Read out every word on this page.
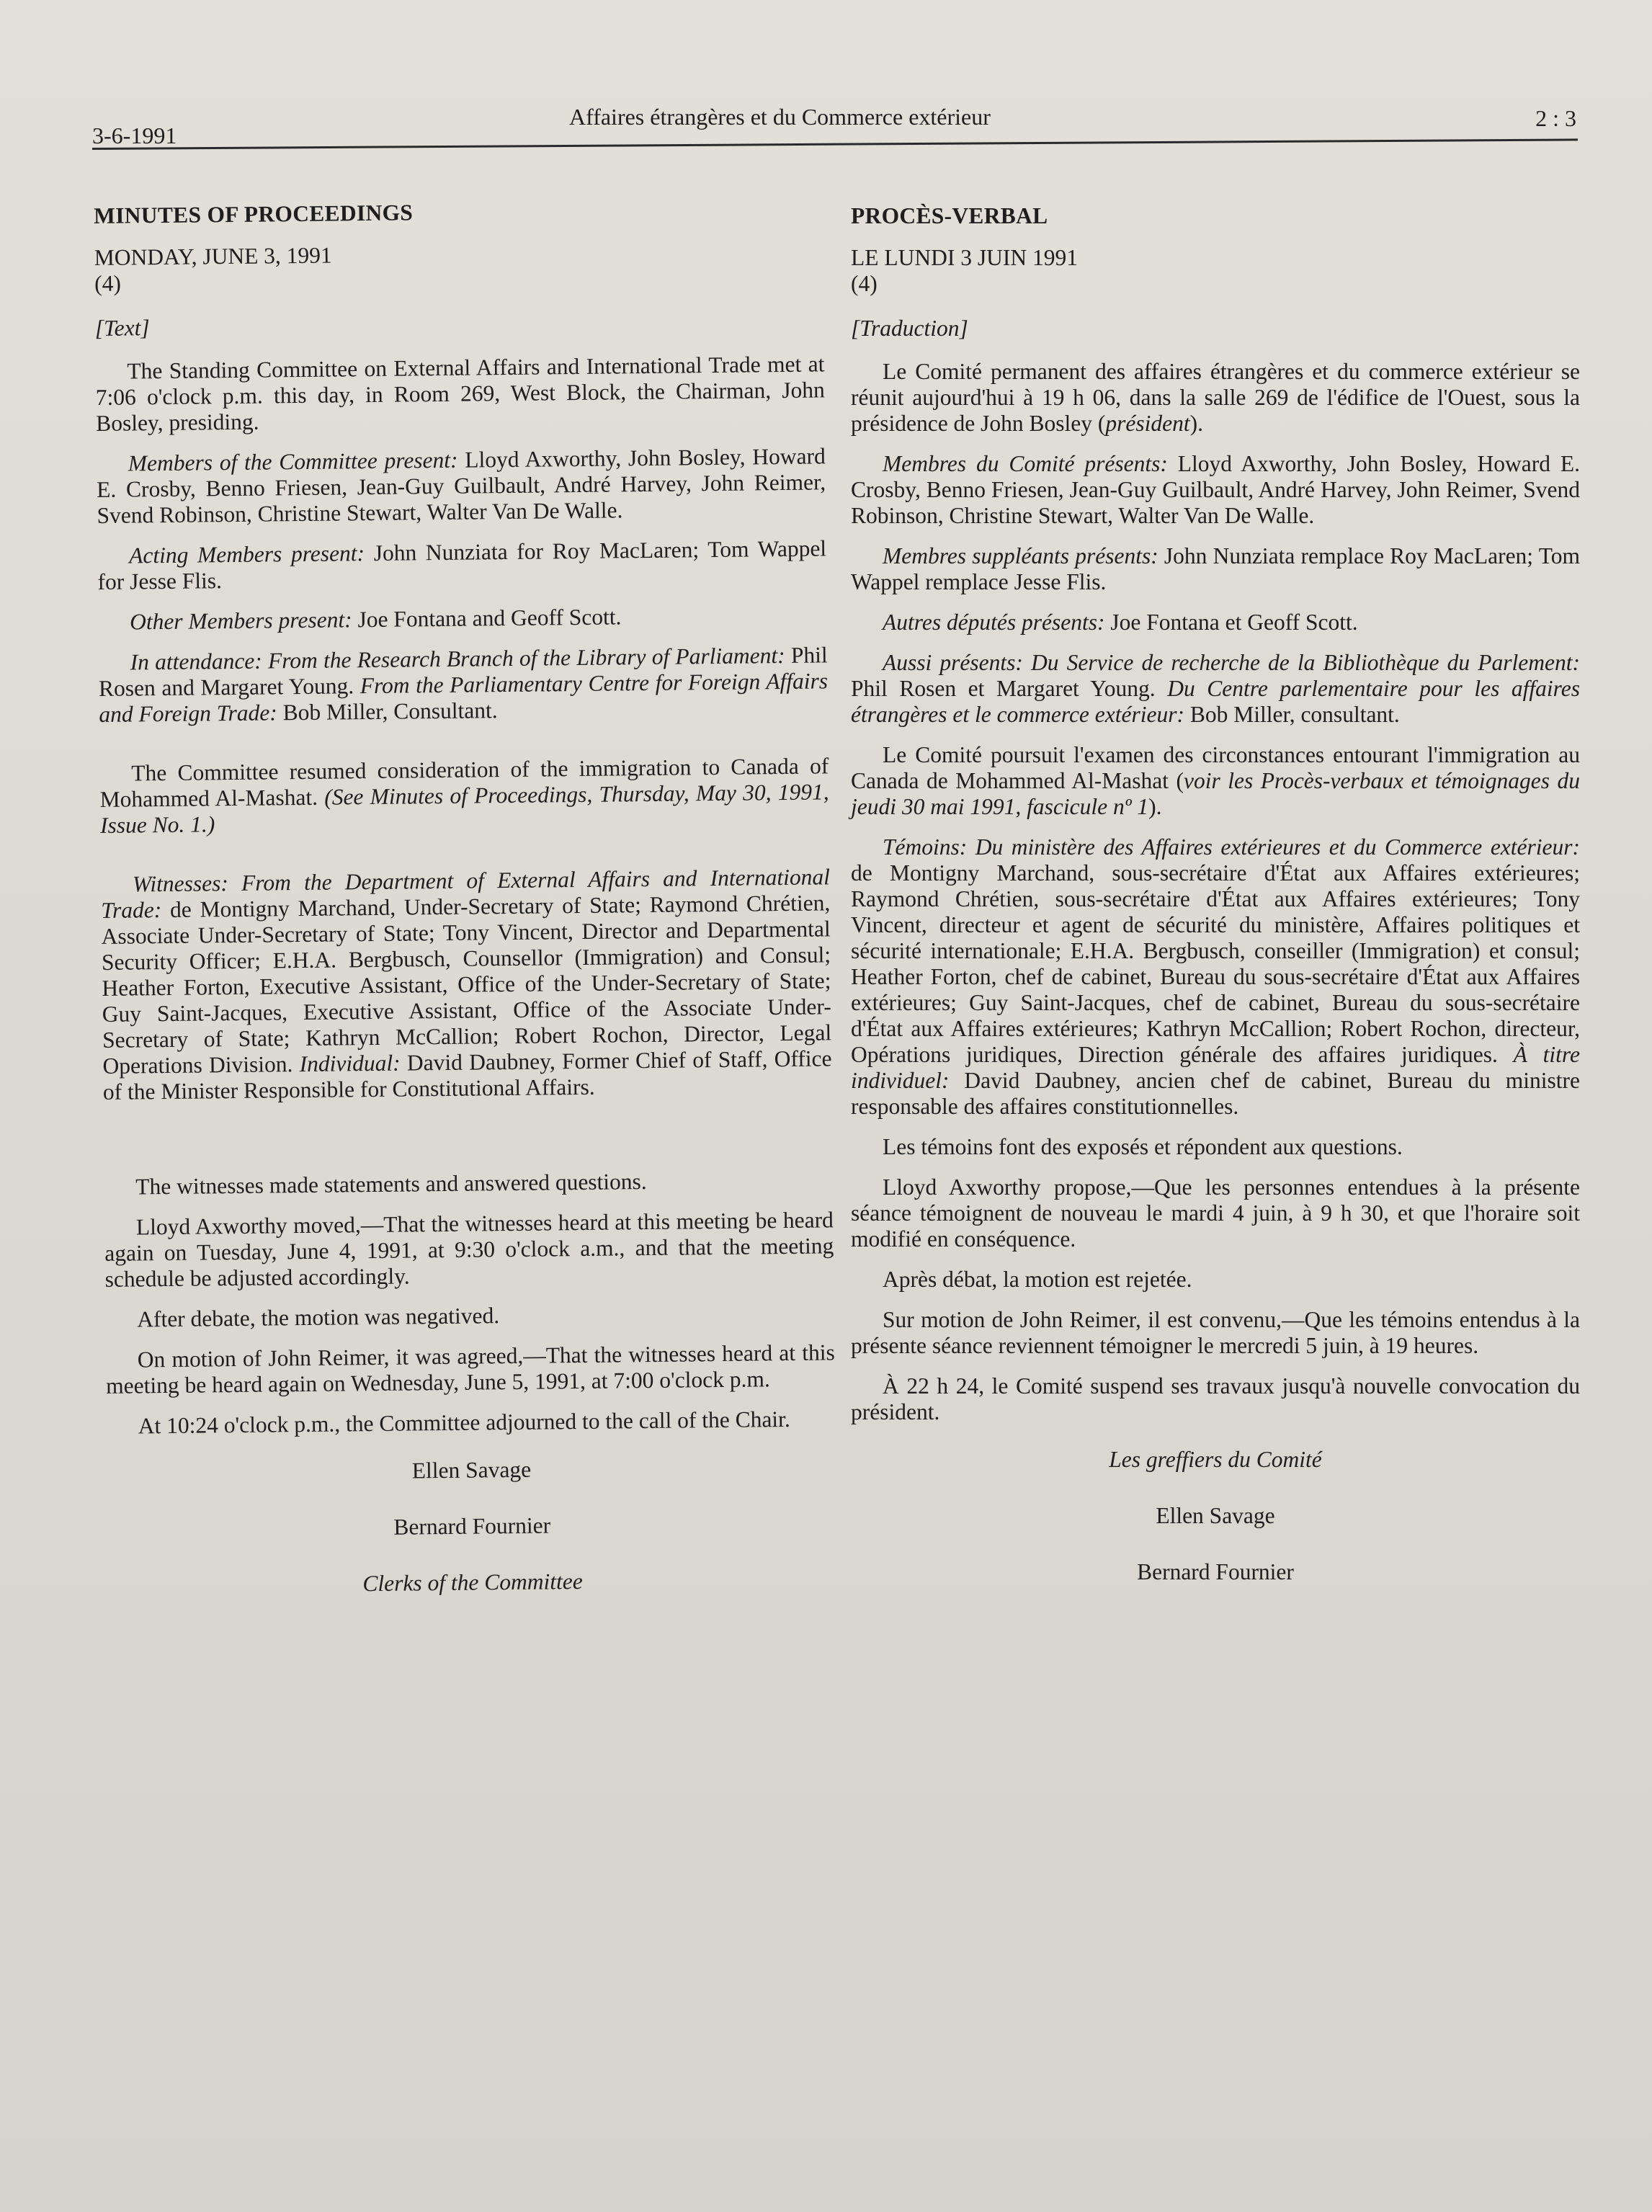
3-6-1991
Affaires étrangères et du Commerce extérieur	2 : 3
MINUTES OF PROCEEDINGS
MONDAY, JUNE 3, 1991
(4)
[Text]

The Standing Committee on External Affairs and International Trade met at 7:06 o'clock p.m. this day, in Room 269, West Block, the Chairman, John Bosley, presiding.

Members of the Committee present: Lloyd Axworthy, John Bosley, Howard E. Crosby, Benno Friesen, Jean-Guy Guilbault, André Harvey, John Reimer, Svend Robinson, Christine Stewart, Walter Van De Walle.

Acting Members present: John Nunziata for Roy MacLaren; Tom Wappel for Jesse Flis.

Other Members present: Joe Fontana and Geoff Scott.

In attendance: From the Research Branch of the Library of Parliament: Phil Rosen and Margaret Young. From the Parliamentary Centre for Foreign Affairs and Foreign Trade: Bob Miller, Consultant.

The Committee resumed consideration of the immigration to Canada of Mohammed Al-Mashat. (See Minutes of Proceedings, Thursday, May 30, 1991, Issue No. 1.)

Witnesses: From the Department of External Affairs and International Trade: de Montigny Marchand, Under-Secretary of State; Raymond Chrétien, Associate Under-Secretary of State; Tony Vincent, Director and Departmental Security Officer; E.H.A. Bergbusch, Counsellor (Immigration) and Consul; Heather Forton, Executive Assistant, Office of the Under-Secretary of State; Guy Saint-Jacques, Executive Assistant, Office of the Associate Under-Secretary of State; Kathryn McCallion; Robert Rochon, Director, Legal Operations Division. Individual: David Daubney, Former Chief of Staff, Office of the Minister Responsible for Constitutional Affairs.

The witnesses made statements and answered questions.

Lloyd Axworthy moved,—That the witnesses heard at this meeting be heard again on Tuesday, June 4, 1991, at 9:30 o'clock a.m., and that the meeting schedule be adjusted accordingly.

After debate, the motion was negatived.

On motion of John Reimer, it was agreed,—That the witnesses heard at this meeting be heard again on Wednesday, June 5, 1991, at 7:00 o'clock p.m.

At 10:24 o'clock p.m., the Committee adjourned to the call of the Chair.

Ellen Savage
Bernard Fournier
Clerks of the Committee
PROCÈS-VERBAL
LE LUNDI 3 JUIN 1991
(4)
[Traduction]

Le Comité permanent des affaires étrangères et du commerce extérieur se réunit aujourd'hui à 19 h 06, dans la salle 269 de l'édifice de l'Ouest, sous la présidence de John Bosley (président).

Membres du Comité présents: Lloyd Axworthy, John Bosley, Howard E. Crosby, Benno Friesen, Jean-Guy Guilbault, André Harvey, John Reimer, Svend Robinson, Christine Stewart, Walter Van De Walle.

Membres suppléants présents: John Nunziata remplace Roy MacLaren; Tom Wappel remplace Jesse Flis.

Autres députés présents: Joe Fontana et Geoff Scott.

Aussi présents: Du Service de recherche de la Bibliothèque du Parlement: Phil Rosen et Margaret Young. Du Centre parlementaire pour les affaires étrangères et le commerce extérieur: Bob Miller, consultant.

Le Comité poursuit l'examen des circonstances entourant l'immigration au Canada de Mohammed Al-Mashat (voir les Procès-verbaux et témoignages du jeudi 30 mai 1991, fascicule nº 1).

Témoins: Du ministère des Affaires extérieures et du Commerce extérieur: de Montigny Marchand, sous-secrétaire d'État aux Affaires extérieures; Raymond Chrétien, sous-secrétaire d'État aux Affaires extérieures; Tony Vincent, directeur et agent de sécurité du ministère, Affaires politiques et sécurité internationale; E.H.A. Bergbusch, conseiller (Immigration) et consul; Heather Forton, chef de cabinet, Bureau du sous-secrétaire d'État aux Affaires extérieures; Guy Saint-Jacques, chef de cabinet, Bureau du sous-secrétaire d'État aux Affaires extérieures; Kathryn McCallion; Robert Rochon, directeur, Opérations juridiques, Direction générale des affaires juridiques. À titre individuel: David Daubney, ancien chef de cabinet, Bureau du ministre responsable des affaires constitutionnelles.

Les témoins font des exposés et répondent aux questions.

Lloyd Axworthy propose,—Que les personnes entendues à la présente séance témoignent de nouveau le mardi 4 juin, à 9 h 30, et que l'horaire soit modifié en conséquence.

Après débat, la motion est rejetée.

Sur motion de John Reimer, il est convenu,—Que les témoins entendus à la présente séance reviennent témoigner le mercredi 5 juin, à 19 heures.

À 22 h 24, le Comité suspend ses travaux jusqu'à nouvelle convocation du président.

Les greffiers du Comité
Ellen Savage
Bernard Fournier
